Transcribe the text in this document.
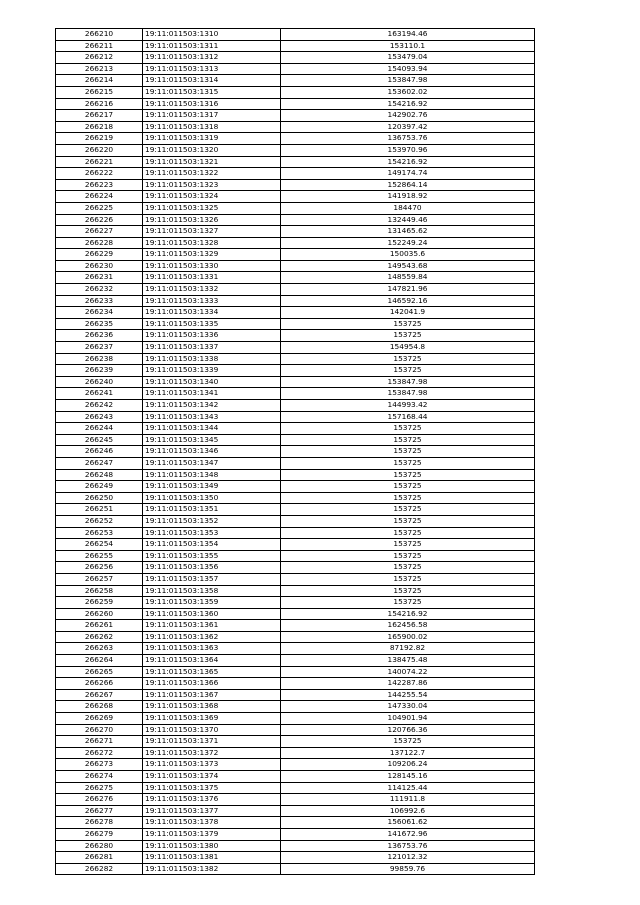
266210	19:11:011503:1310	163194.46
266211	19:11:011503:1311	153110.1
266212	19:11:011503:1312	153479.04
266213	19:11:011503:1313	154093.94
266214	19:11:011503:1314	153847.98
266215	19:11:011503:1315	153602.02
266216	19:11:011503:1316	154216.92
266217	19:11:011503:1317	142902.76
266218	19:11:011503:1318	120397.42
266219	19:11:011503:1319	136753.76
266220	19:11:011503:1320	153970.96
266221	19:11:011503:1321	154216.92
266222	19:11:011503:1322	149174.74
266223	19:11:011503:1323	152864.14
266224	19:11:011503:1324	141918.92
266225	19:11:011503:1325	184470
266226	19:11:011503:1326	132449.46
266227	19:11:011503:1327	131465.62
266228	19:11:011503:1328	152249.24
266229	19:11:011503:1329	150035.6
266230	19:11:011503:1330	149543.68
266231	19:11:011503:1331	148559.84
266232	19:11:011503:1332	147821.96
266233	19:11:011503:1333	146592.16
266234	19:11:011503:1334	142041.9
266235	19:11:011503:1335	153725
266236	19:11:011503:1336	153725
266237	19:11:011503:1337	154954.8
266238	19:11:011503:1338	153725
266239	19:11:011503:1339	153725
266240	19:11:011503:1340	153847.98
266241	19:11:011503:1341	153847.98
266242	19:11:011503:1342	144993.42
266243	19:11:011503:1343	157168.44
266244	19:11:011503:1344	153725
266245	19:11:011503:1345	153725
266246	19:11:011503:1346	153725
266247	19:11:011503:1347	153725
266248	19:11:011503:1348	153725
266249	19:11:011503:1349	153725
266250	19:11:011503:1350	153725
266251	19:11:011503:1351	153725
266252	19:11:011503:1352	153725
266253	19:11:011503:1353	153725
266254	19:11:011503:1354	153725
266255	19:11:011503:1355	153725
266256	19:11:011503:1356	153725
266257	19:11:011503:1357	153725
266258	19:11:011503:1358	153725
266259	19:11:011503:1359	153725
266260	19:11:011503:1360	154216.92
266261	19:11:011503:1361	162456.58
266262	19:11:011503:1362	165900.02
266263	19:11:011503:1363	87192.82
266264	19:11:011503:1364	138475.48
266265	19:11:011503:1365	140074.22
266266	19:11:011503:1366	142287.86
266267	19:11:011503:1367	144255.54
266268	19:11:011503:1368	147330.04
266269	19:11:011503:1369	104901.94
266270	19:11:011503:1370	120766.36
266271	19:11:011503:1371	153725
266272	19:11:011503:1372	137122.7
266273	19:11:011503:1373	109206.24
266274	19:11:011503:1374	128145.16
266275	19:11:011503:1375	114125.44
266276	19:11:011503:1376	111911.8
266277	19:11:011503:1377	106992.6
266278	19:11:011503:1378	156061.62
266279	19:11:011503:1379	141672.96
266280	19:11:011503:1380	136753.76
266281	19:11:011503:1381	121012.32
266282	19:11:011503:1382	99859.76
